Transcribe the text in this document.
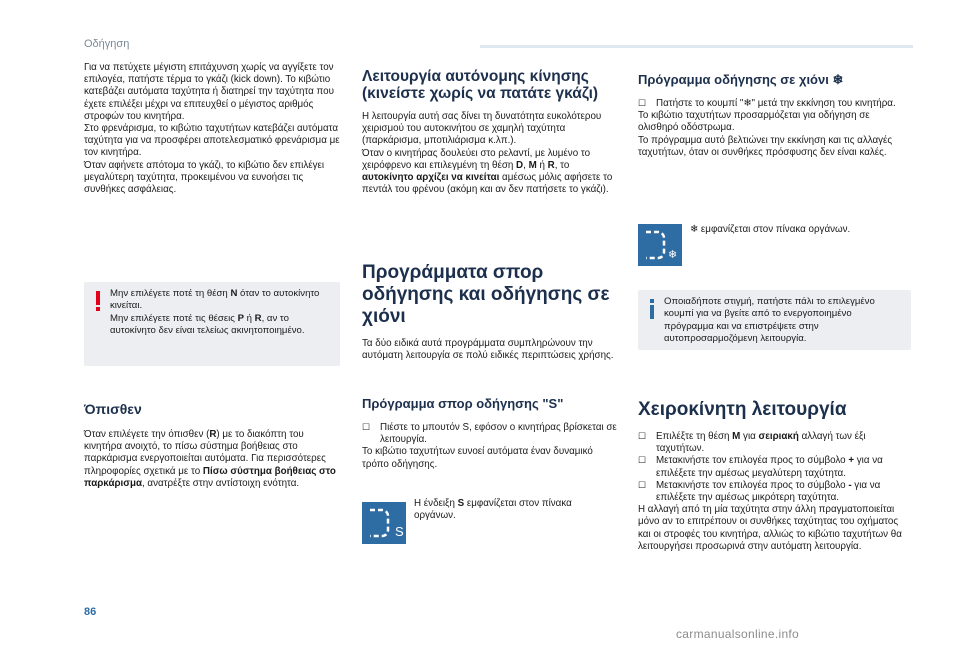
Οδήγηση

Για να πετύχετε μέγιστη επιτάχυνση χωρίς να αγγίξετε τον επιλογέα, πατήστε τέρμα το γκάζι (kick down). Το κιβώτιο κατεβάζει αυτόματα ταχύτητα ή διατηρεί την ταχύτητα που έχετε επιλέξει μέχρι να επιτευχθεί ο μέγιστος αριθμός στροφών του κινητήρα.

Στο φρενάρισμα, το κιβώτιο ταχυτήτων κατεβάζει αυτόματα ταχύτητα για να προσφέρει αποτελεσματικό φρενάρισμα με τον κινητήρα.

Όταν αφήνετε απότομα το γκάζι, το κιβώτιο δεν επιλέγει μεγαλύτερη ταχύτητα, προκειμένου να ευνοήσει τις συνθήκες ασφάλειας.

Μην επιλέγετε ποτέ τη θέση N όταν το αυτοκίνητο κινείται.

Μην επιλέγετε ποτέ τις θέσεις P ή R, αν το αυτοκίνητο δεν είναι τελείως ακινητοποιημένο.

Όπισθεν

Όταν επιλέγετε την όπισθεν (R) με το διακόπτη του κινητήρα ανοιχτό, το πίσω σύστημα βοήθειας στο παρκάρισμα ενεργοποιείται αυτόματα. Για περισσότερες πληροφορίες σχετικά με το Πίσω σύστημα βοήθειας στο παρκάρισμα, ανατρέξτε στην αντίστοιχη ενότητα.

Λειτουργία αυτόνομης κίνησης (κινείστε χωρίς να πατάτε γκάζι)

Η λειτουργία αυτή σας δίνει τη δυνατότητα ευκολότερου χειρισμού του αυτοκινήτου σε χαμηλή ταχύτητα (παρκάρισμα, μποτιλιάρισμα κ.λπ.).

Όταν ο κινητήρας δουλεύει στο ρελαντί, με λυμένο το χειρόφρενο και επιλεγμένη τη θέση D, M ή R, το αυτοκίνητο αρχίζει να κινείται αμέσως μόλις αφήσετε το πεντάλ του φρένου (ακόμη και αν δεν πατήσετε το γκάζι).

Προγράμματα σπορ οδήγησης και οδήγησης σε χιόνι

Τα δύο ειδικά αυτά προγράμματα συμπληρώνουν την αυτόματη λειτουργία σε πολύ ειδικές περιπτώσεις χρήσης.

Πρόγραμμα σπορ οδήγησης "S"
☐ Πιέστε το μπουτόν S, εφόσον ο κινητήρας βρίσκεται σε λειτουργία.

Το κιβώτιο ταχυτήτων ευνοεί αυτόματα έναν δυναμικό τρόπο οδήγησης.

S

Η ένδειξη S εμφανίζεται στον πίνακα οργάνων.

Πρόγραμμα οδήγησης σε χιόνι ❄
☐ Πατήστε το κουμπί "❄" μετά την εκκίνηση του κινητήρα.

Το κιβώτιο ταχυτήτων προσαρμόζεται για οδήγηση σε ολισθηρό οδόστρωμα.

Το πρόγραμμα αυτό βελτιώνει την εκκίνηση και τις αλλαγές ταχυτήτων, όταν οι συνθήκες πρόσφυσης δεν είναι καλές.

❄

❄ εμφανίζεται στον πίνακα οργάνων.

Οποιαδήποτε στιγμή, πατήστε πάλι το επιλεγμένο κουμπί για να βγείτε από το ενεργοποιημένο πρόγραμμα και να επιστρέψετε στην αυτοπροσαρμοζόμενη λειτουργία.

Χειροκίνητη λειτουργία
☐ Επιλέξτε τη θέση M για σειριακή αλλαγή των έξι ταχυτήτων.

☐ Μετακινήστε τον επιλογέα προς το σύμβολο + για να επιλέξετε την αμέσως μεγαλύτερη ταχύτητα.

☐ Μετακινήστε τον επιλογέα προς το σύμβολο - για να επιλέξετε την αμέσως μικρότερη ταχύτητα.

Η αλλαγή από τη μία ταχύτητα στην άλλη πραγματοποιείται μόνο αν το επιτρέπουν οι συνθήκες ταχύτητας του οχήματος και οι στροφές του κινητήρα, αλλιώς το κιβώτιο ταχυτήτων θα λειτουργήσει προσωρινά στην αυτόματη λειτουργία.

86
carmanualsonline.info
